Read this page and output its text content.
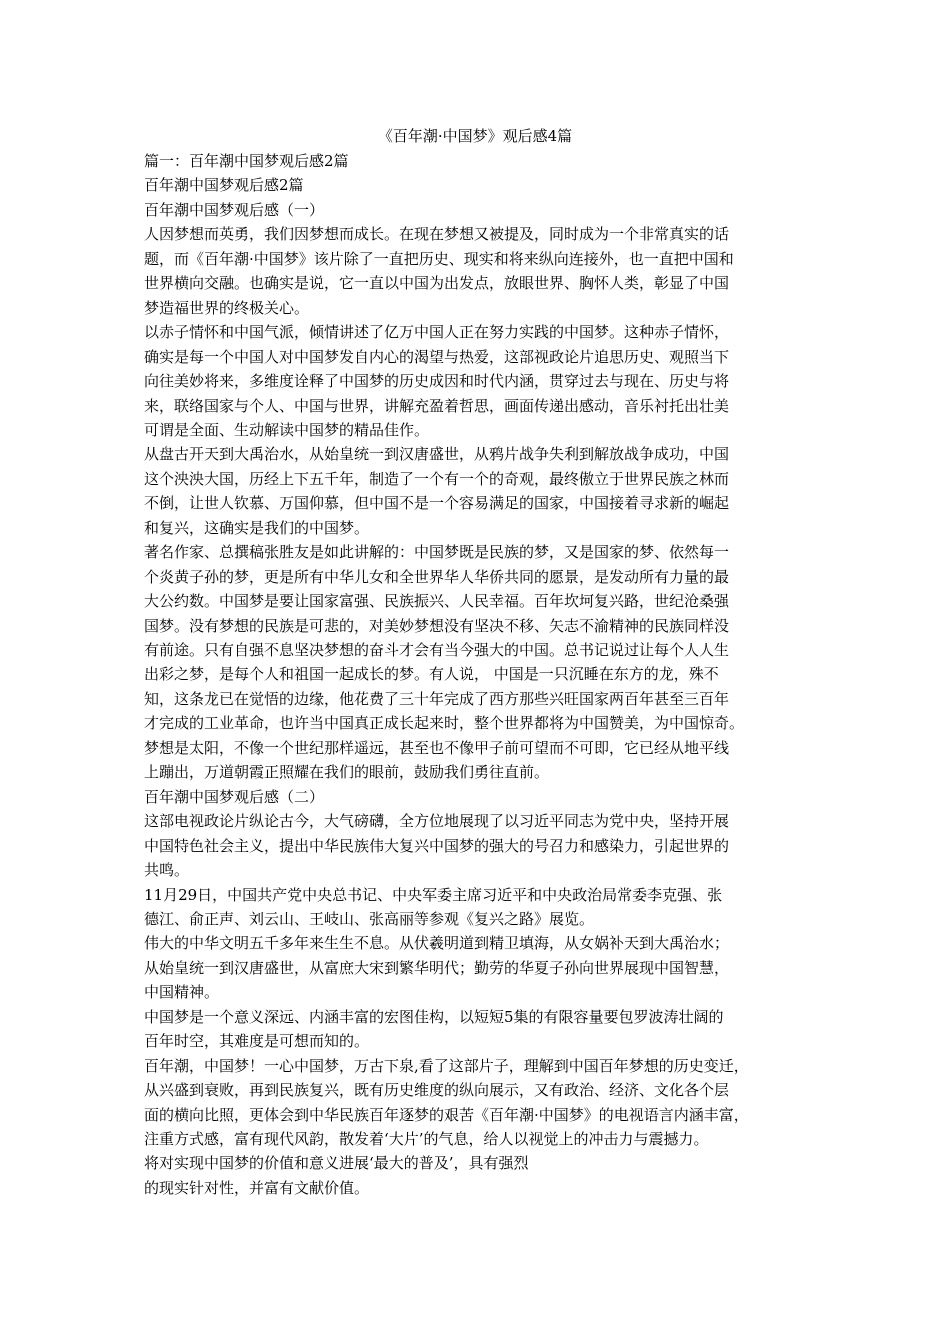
《百年潮·中国梦》观后感4篇
篇一：百年潮中国梦观后感2篇
百年潮中国梦观后感2篇
百年潮中国梦观后感（一）
人因梦想而英勇，我们因梦想而成长。在现在梦想又被提及，同时成为一个非常真实的话
题，而《百年潮·中国梦》该片除了一直把历史、现实和将来纵向连接外，也一直把中国和
世界横向交融。也确实是说，它一直以中国为出发点，放眼世界、胸怀人类，彰显了中国
梦造福世界的终极关心。
以赤子情怀和中国气派，倾情讲述了亿万中国人正在努力实践的中国梦。这种赤子情怀，
确实是每一个中国人对中国梦发自内心的渴望与热爱，这部视政论片追思历史、观照当下
向往美妙将来，多维度诠释了中国梦的历史成因和时代内涵，贯穿过去与现在、历史与将
来，联络国家与个人、中国与世界，讲解充盈着哲思，画面传递出感动，音乐衬托出壮美
可谓是全面、生动解读中国梦的精品佳作。
从盘古开天到大禹治水，从始皇统一到汉唐盛世，从鸦片战争失利到解放战争成功，中国
这个泱泱大国，历经上下五千年，制造了一个有一个的奇观，最终傲立于世界民族之林而
不倒，让世人钦慕、万国仰慕，但中国不是一个容易满足的国家，中国接着寻求新的崛起
和复兴，这确实是我们的中国梦。
著名作家、总撰稿张胜友是如此讲解的：中国梦既是民族的梦，又是国家的梦、依然每一
个炎黄子孙的梦，更是所有中华儿女和全世界华人华侨共同的愿景，是发动所有力量的最
大公约数。中国梦是要让国家富强、民族振兴、人民幸福。百年坎坷复兴路，世纪沧桑强
国梦。没有梦想的民族是可悲的，对美妙梦想没有坚决不移、矢志不渝精神的民族同样没
有前途。只有自强不息坚决梦想的奋斗才会有当今强大的中国。总书记说过让每个人人生
出彩之梦，是每个人和祖国一起成长的梦。有人说， 中国是一只沉睡在东方的龙，殊不
知，这条龙已在觉悟的边缘，他花费了三十年完成了西方那些兴旺国家两百年甚至三百年
才完成的工业革命，也许当中国真正成长起来时，整个世界都将为中国赞美，为中国惊奇。
梦想是太阳，不像一个世纪那样遥远，甚至也不像甲子前可望而不可即，它已经从地平线
上蹦出，万道朝霞正照耀在我们的眼前，鼓励我们勇往直前。
百年潮中国梦观后感（二）
这部电视政论片纵论古今，大气磅礴，全方位地展现了以习近平同志为党中央，坚持开展
中国特色社会主义，提出中华民族伟大复兴中国梦的强大的号召力和感染力，引起世界的
共鸣。
11月29日，中国共产党中央总书记、中央军委主席习近平和中央政治局常委李克强、张
德江、俞正声、刘云山、王岐山、张高丽等参观《复兴之路》展览。
伟大的中华文明五千多年来生生不息。从伏羲明道到精卫填海，从女娲补天到大禹治水；
从始皇统一到汉唐盛世，从富庶大宋到繁华明代；勤劳的华夏子孙向世界展现中国智慧，
中国精神。
中国梦是一个意义深远、内涵丰富的宏图佳构，以短短5集的有限容量要包罗波涛壮阔的
百年时空，其难度是可想而知的。
百年潮，中国梦！一心中国梦，万古下泉,看了这部片子，理解到中国百年梦想的历史变迁，
从兴盛到衰败，再到民族复兴，既有历史维度的纵向展示，又有政治、经济、文化各个层
面的横向比照，更体会到中华民族百年逐梦的艰苦《百年潮·中国梦》的电视语言内涵丰富，
注重方式感，富有现代风韵，散发着‘大片’的气息，给人以视觉上的冲击力与震撼力。
将对实现中国梦的价值和意义进展‘最大的普及’，具有强烈
的现实针对性，并富有文献价值。
